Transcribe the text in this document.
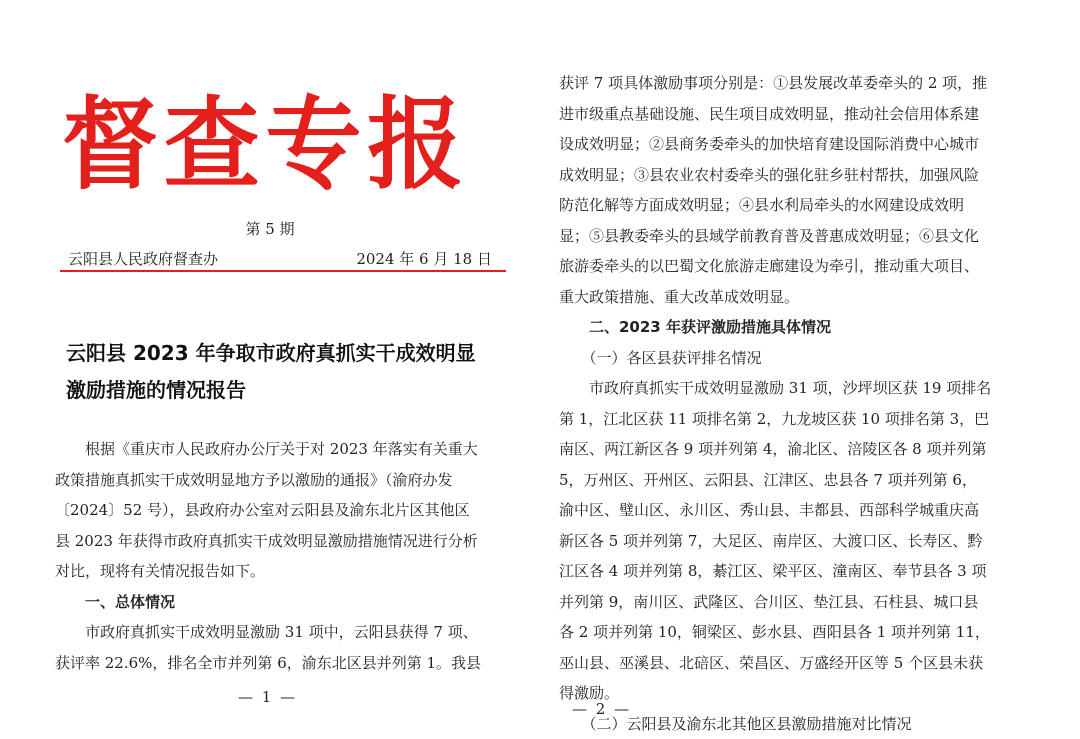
督查专报
第 5 期
云阳县人民政府督查办	2024 年 6 月 18 日
云阳县 2023 年争取市政府真抓实干成效明显
激励措施的情况报告
　　根据《重庆市人民政府办公厅关于对 2023 年落实有关重大
政策措施真抓实干成效明显地方予以激励的通报》（渝府办发
〔2024〕52 号），县政府办公室对云阳县及渝东北片区其他区
县 2023 年获得市政府真抓实干成效明显激励措施情况进行分析
对比，现将有关情况报告如下。
　　一、总体情况
　　市政府真抓实干成效明显激励 31 项中，云阳县获得 7 项、
获评率 22.6%，排名全市并列第 6，渝东北区县并列第 1。我县
— 1 —
获评 7 项具体激励事项分别是：①县发展改革委牵头的 2 项，推
进市级重点基础设施、民生项目成效明显，推动社会信用体系建
设成效明显；②县商务委牵头的加快培育建设国际消费中心城市
成效明显；③县农业农村委牵头的强化驻乡驻村帮扶，加强风险
防范化解等方面成效明显；④县水利局牵头的水网建设成效明
显；⑤县教委牵头的县域学前教育普及普惠成效明显；⑥县文化
旅游委牵头的以巴蜀文化旅游走廊建设为牵引，推动重大项目、
重大政策措施、重大改革成效明显。
　　二、2023 年获评激励措施具体情况
　　（一）各区县获评排名情况
　　市政府真抓实干成效明显激励 31 项，沙坪坝区获 19 项排名
第 1，江北区获 11 项排名第 2，九龙坡区获 10 项排名第 3，巴
南区、两江新区各 9 项并列第 4，渝北区、涪陵区各 8 项并列第
5，万州区、开州区、云阳县、江津区、忠县各 7 项并列第 6，
渝中区、璧山区、永川区、秀山县、丰都县、西部科学城重庆高
新区各 5 项并列第 7，大足区、南岸区、大渡口区、长寿区、黔
江区各 4 项并列第 8，綦江区、梁平区、潼南区、奉节县各 3 项
并列第 9，南川区、武隆区、合川区、垫江县、石柱县、城口县
各 2 项并列第 10，铜梁区、彭水县、酉阳县各 1 项并列第 11，
巫山县、巫溪县、北碚区、荣昌区、万盛经开区等 5 个区县未获
得激励。
　　（二）云阳县及渝东北其他区县激励措施对比情况
— 2 —
